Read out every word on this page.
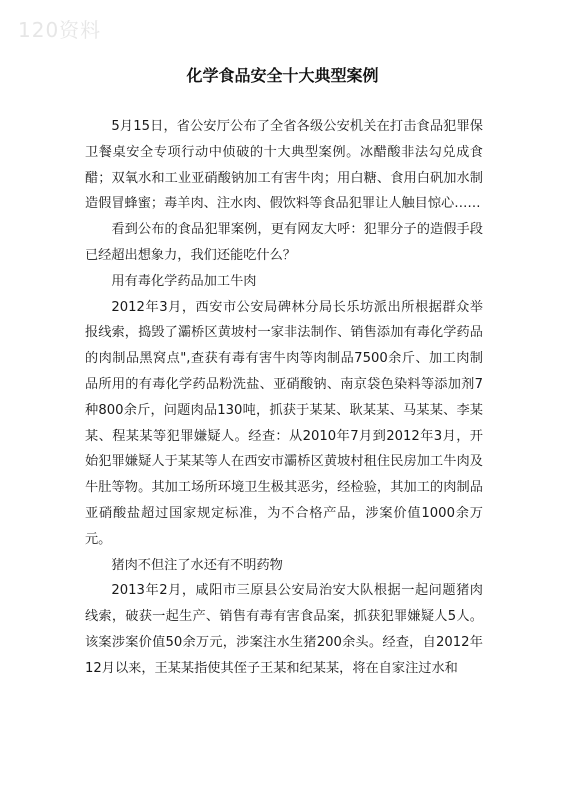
120资料
化学食品安全十大典型案例

5月15日，省公安厅公布了全省各级公安机关在打击食品犯罪保卫餐桌安全专项行动中侦破的十大典型案例。冰醋酸非法勾兑成食醋；双氧水和工业亚硝酸钠加工有害牛肉；用白糖、食用白矾加水制造假冒蜂蜜；毒羊肉、注水肉、假饮料等食品犯罪让人触目惊心……

看到公布的食品犯罪案例，更有网友大呼：犯罪分子的造假手段已经超出想象力，我们还能吃什么？

用有毒化学药品加工牛肉

2012年3月，西安市公安局碑林分局长乐坊派出所根据群众举报线索，捣毁了灞桥区黄坡村一家非法制作、销售添加有毒化学药品的肉制品黑窝点",查获有毒有害牛肉等肉制品7500余斤、加工肉制品所用的有毒化学药品粉洗盐、亚硝酸钠、南京袋色染料等添加剂7种800余斤，问题肉品130吨，抓获于某某、耿某某、马某某、李某某、程某某等犯罪嫌疑人。经查：从2010年7月到2012年3月，开始犯罪嫌疑人于某某等人在西安市灞桥区黄坡村租住民房加工牛肉及牛肚等物。其加工场所环境卫生极其恶劣，经检验，其加工的肉制品亚硝酸盐超过国家规定标准，为不合格产品，涉案价值1000余万元。

猪肉不但注了水还有不明药物

2013年2月，咸阳市三原县公安局治安大队根据一起问题猪肉线索，破获一起生产、销售有毒有害食品案，抓获犯罪嫌疑人5人。该案涉案价值50余万元，涉案注水生猪200余头。经查，自2012年12月以来，王某某指使其侄子王某和纪某某，将在自家注过水和
